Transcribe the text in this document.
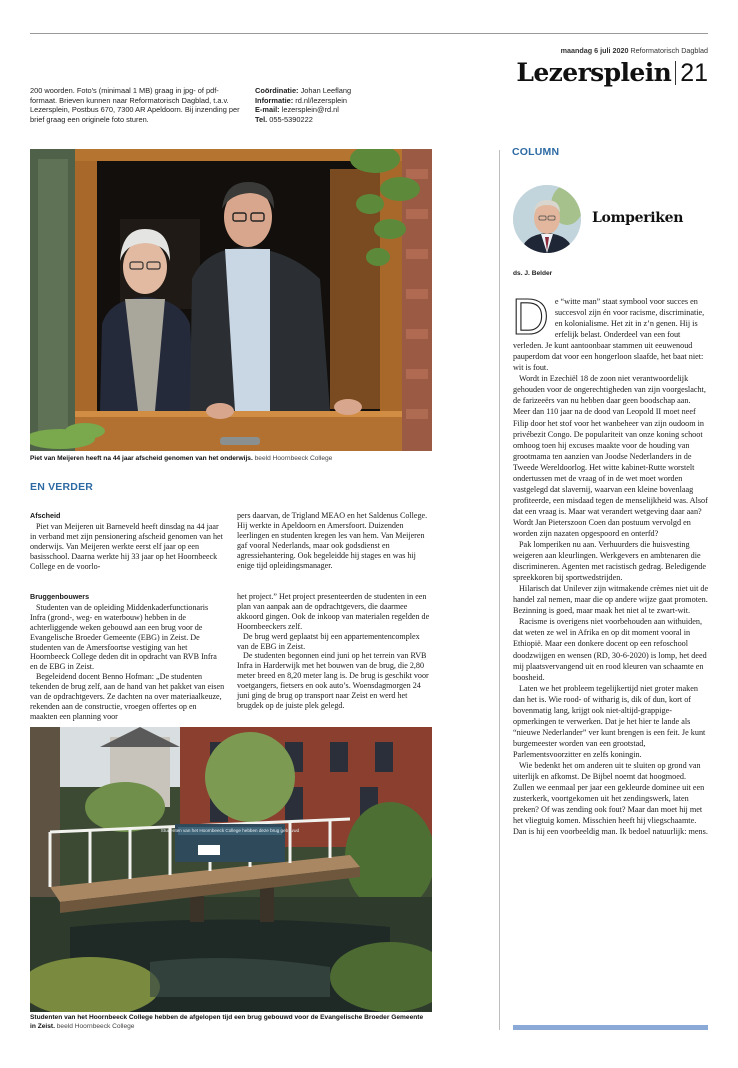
maandag 6 juli 2020 Reformatorisch Dagblad
Lezersplein 21
200 woorden. Foto's (minimaal 1 MB) graag in jpg- of pdf-formaat. Brieven kunnen naar Reformatorisch Dagblad, t.a.v. Lezersplein, Postbus 670, 7300 AR Apeldoorn. Bij inzending per brief graag een originele foto sturen.
Coördinatie: Johan Leeflang
Informatie: rd.nl/lezersplein
E-mail: lezersplein@rd.nl
Tel. 055-5390222
Piet van Meijeren heeft na 44 jaar afscheid genomen van het onderwijs. beeld Hoornbeeck College
EN VERDER
Afscheid

Piet van Meijeren uit Barneveld heeft dinsdag na 44 jaar in verband met zijn pensionering afscheid genomen van het onderwijs. Van Meijeren werkte eerst elf jaar op een basisschool. Daarna werkte hij 33 jaar op het Hoornbeeck College en de voorlo-

pers daarvan, de Trigland MEAO en het Saldenus College. Hij werkte in Apeldoorn en Amersfoort. Duizenden leerlingen en studenten kregen les van hem. Van Meijeren gaf vooral Nederlands, maar ook godsdienst en agressiehantering. Ook begeleidde hij stages en was hij enige tijd opleidingsmanager.

Bruggenbouwers

Studenten van de opleiding Middenkaderfunctionaris Infra (grond-, weg- en waterbouw) hebben in de achterliggende weken gebouwd aan een brug voor de Evangelische Broeder Gemeente (EBG) in Zeist. De studenten van de Amersfoortse vestiging van het Hoornbeeck College deden dit in opdracht van RVB Infra en de EBG in Zeist.

Begeleidend docent Benno Hofman: „De studenten tekenden de brug zelf, aan de hand van het pakket van eisen van de opdrachtgevers. Ze dachten na over materiaalkeuze, rekenden aan de constructie, vroegen offertes op en maakten een planning voor

het project.” Het project presenteerden de studenten in een plan van aanpak aan de opdrachtgevers, die daarmee akkoord gingen. Ook de inkoop van materialen regelden de Hoornbeeckers zelf.

De brug werd geplaatst bij een appartementencomplex van de EBG in Zeist.

De studenten begonnen eind juni op het terrein van RVB Infra in Harderwijk met het bouwen van de brug, die 2,80 meter breed en 8,20 meter lang is. De brug is geschikt voor voetgangers, fietsers en ook auto’s. Woensdagmorgen 24 juni ging de brug op transport naar Zeist en werd het brugdek op de juiste plek gelegd.

Studenten van het Hoornbeeck College hebben deze brug gebouwd
Studenten van het Hoornbeeck College hebben de afgelopen tijd een brug gebouwd voor de Evangelische Broeder Gemeente in Zeist. beeld Hoornbeeck College
COLUMN
Lomperiken
ds. J. Belder

De “witte man” staat symbool voor succes en succesvol zijn én voor racisme, discriminatie, en kolonialisme. Het zit in z’n genen. Hij is erfelijk belast. Onderdeel van een fout verleden. Je kunt aantoonbaar stammen uit eeuwenoud pauperdom dat voor een hongerloon slaafde, het baat niet: wit is fout.

Wordt in Ezechiël 18 de zoon niet verantwoordelijk gehouden voor de ongerechtigheden van zijn voorgeslacht, de farizeeërs van nu hebben daar geen boodschap aan. Meer dan 110 jaar na de dood van Leopold II moet neef Filip door het stof voor het wanbeheer van zijn oudoom in privébezit Congo. De populariteit van onze koning schoot omhoog toen hij excuses maakte voor de houding van grootmama ten aanzien van Joodse Nederlanders in de Tweede Wereldoorlog. Het witte kabinet-Rutte worstelt ondertussen met de vraag of in de wet moet worden vastgelegd dat slavernij, waarvan een kleine bovenlaag profiteerde, een misdaad tegen de menselijkheid was. Alsof dat een vraag is. Maar wat verandert wetgeving daar aan? Wordt Jan Pieterszoon Coen dan postuum vervolgd en worden zijn nazaten opgespoord en onterfd?

Pak lomperiken nu aan. Verhuurders die huisvesting weigeren aan kleurlingen. Werkgevers en ambtenaren die discrimineren. Agenten met racistisch gedrag. Beledigende spreekkoren bij sportwedstrijden.

Hilarisch dat Unilever zijn witmakende crèmes niet uit de handel zal nemen, maar die op andere wijze gaat promoten. Bezinning is goed, maar maak het niet al te zwart-wit.

Racisme is overigens niet voorbehouden aan withuiden, dat weten ze wel in Afrika en op dit moment vooral in Ethiopië. Maar een donkere docent op een refoschool doodzwijgen en wensen (RD, 30-6-2020) is lomp, het deed mij plaatsvervangend uit en rood kleuren van schaamte en boosheid.

Laten we het probleem tegelijkertijd niet groter maken dan het is. Wie rood- of witharig is, dik of dun, kort of bovenmatig lang, krijgt ook niet-altijd-grappige-opmerkingen te verwerken. Dat je het hier te lande als “nieuwe Nederlander” ver kunt brengen is een feit. Je kunt burgemeester worden van een grootstad, Parlementsvoorzitter en zelfs koningin.

Wie bedenkt het om anderen uit te sluiten op grond van uiterlijk en afkomst. De Bijbel noemt dat hoogmoed. Zullen we eenmaal per jaar een gekleurde dominee uit een zusterkerk, voortgekomen uit het zendingswerk, laten preken? Of was zending ook fout? Maar dan moet hij met het vliegtuig komen. Misschien heeft hij vliegschaamte. Dan is hij een voorbeeldig man. Ik bedoel natuurlijk: mens.
